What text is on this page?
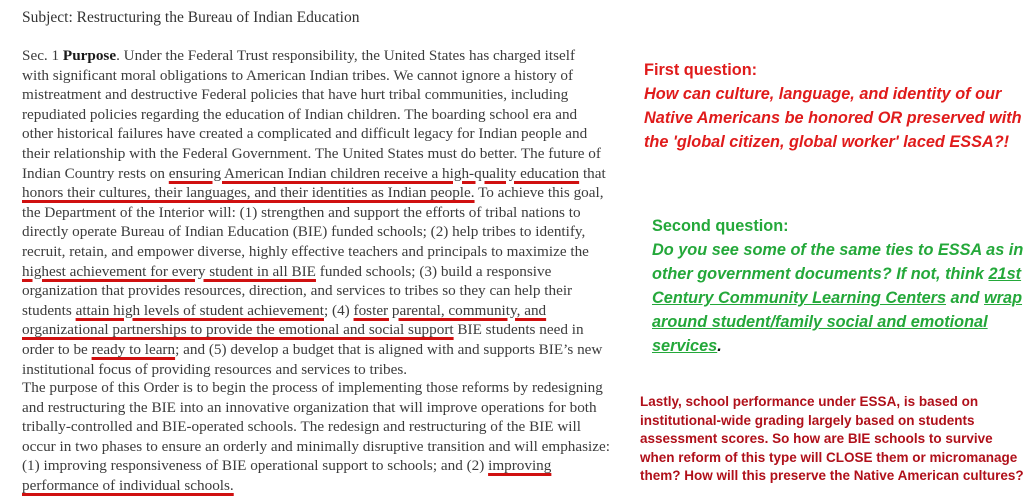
Subject: Restructuring the Bureau of Indian Education
Sec. 1 Purpose. Under the Federal Trust responsibility, the United States has charged itself
with significant moral obligations to American Indian tribes. We cannot ignore a history of
mistreatment and destructive Federal policies that have hurt tribal communities, including
repudiated policies regarding the education of Indian children. The boarding school era and
other historical failures have created a complicated and difficult legacy for Indian people and
their relationship with the Federal Government. The United States must do better. The future of
Indian Country rests on ensuring American Indian children receive a high-quality education that
honors their cultures, their languages, and their identities as Indian people. To achieve this goal,
the Department of the Interior will: (1) strengthen and support the efforts of tribal nations to
directly operate Bureau of Indian Education (BIE) funded schools; (2) help tribes to identify,
recruit, retain, and empower diverse, highly effective teachers and principals to maximize the
highest achievement for every student in all BIE funded schools; (3) build a responsive
organization that provides resources, direction, and services to tribes so they can help their
students attain high levels of student achievement; (4) foster parental, community, and
organizational partnerships to provide the emotional and social support BIE students need in
order to be ready to learn; and (5) develop a budget that is aligned with and supports BIE’s new
institutional focus of providing resources and services to tribes.
The purpose of this Order is to begin the process of implementing those reforms by redesigning
and restructuring the BIE into an innovative organization that will improve operations for both
tribally-controlled and BIE-operated schools. The redesign and restructuring of the BIE will
occur in two phases to ensure an orderly and minimally disruptive transition and will emphasize:
(1) improving responsiveness of BIE operational support to schools; and (2) improving
performance of individual schools.
First question:
How can culture, language, and identity of our Native Americans be honored OR preserved with the 'global citizen, global worker' laced ESSA?!
Second question:
Do you see some of the same ties to ESSA as in other government documents? If not, think 21st Century Community Learning Centers and wrap around student/family social and emotional services.
Lastly, school performance under ESSA, is based on institutional-wide grading largely based on students assessment scores. So how are BIE schools to survive when reform of this type will CLOSE them or micromanage them? How will this preserve the Native American cultures?
